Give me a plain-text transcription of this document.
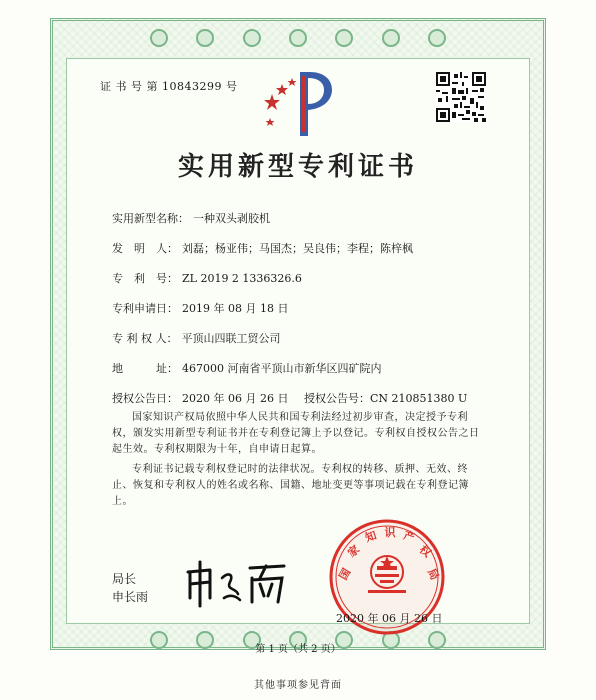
证 书 号 第 10843299 号
实用新型专利证书
实用新型名称： 一种双头剥胶机
发　明　人： 刘磊；杨亚伟；马国杰；吴良伟；李程；陈梓枫
专　利　号： ZL 2019 2 1336326.6
专利申请日： 2019 年 08 月 18 日
专 利 权 人： 平顶山四联工贸公司
地　　　址： 467000 河南省平顶山市新华区四矿院内
授权公告日： 2020 年 06 月 26 日 授权公告号：CN 210851380 U
国家知识产权局依照中华人民共和国专利法经过初步审查，决定授予专利权，颁发实用新型专利证书并在专利登记簿上予以登记。专利权自授权公告之日起生效。专利权期限为十年，自申请日起算。
专利证书记载专利权登记时的法律状况。专利权的转移、质押、无效、终止、恢复和专利权人的姓名或名称、国籍、地址变更等事项记载在专利登记簿上。
局长
申长雨
国
家
知 识 产
权
局
2020 年 06 月 26 日
第 1 页（共 2 页）
其他事项参见背面
